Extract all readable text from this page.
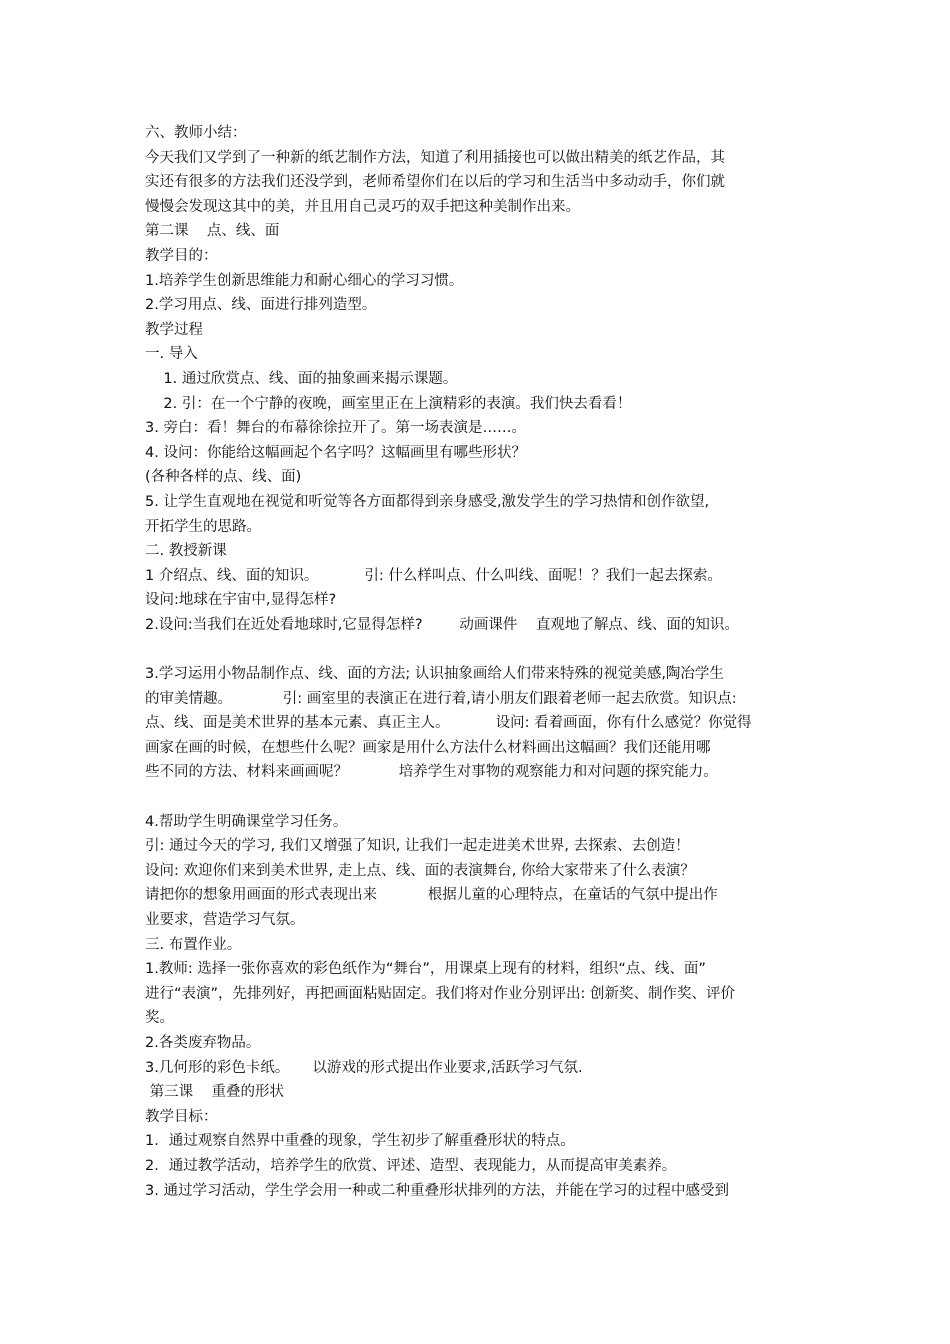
六、教师小结：
今天我们又学到了一种新的纸艺制作方法，知道了利用插接也可以做出精美的纸艺作品，其
实还有很多的方法我们还没学到，老师希望你们在以后的学习和生活当中多动动手，你们就
慢慢会发现这其中的美，并且用自己灵巧的双手把这种美制作出来。
第二课    点、线、面
教学目的：
1.培养学生创新思维能力和耐心细心的学习习惯。
2.学习用点、线、面进行排列造型。
教学过程
一. 导入
1. 通过欣赏点、线、面的抽象画来揭示课题。
2. 引：在一个宁静的夜晚，画室里正在上演精彩的表演。我们快去看看！
3. 旁白：看！舞台的布幕徐徐拉开了。第一场表演是……。
4. 设问：你能给这幅画起个名字吗？这幅画里有哪些形状？
(各种各样的点、线、面)
5. 让学生直观地在视觉和听觉等各方面都得到亲身感受,激发学生的学习热情和创作欲望,
开拓学生的思路。
二. 教授新课
1 介绍点、线、面的知识。          引: 什么样叫点、什么叫线、面呢！？我们一起去探索。
设问:地球在宇宙中,显得怎样?
2.设问:当我们在近处看地球时,它显得怎样?        动画课件    直观地了解点、线、面的知识。
3.学习运用小物品制作点、线、面的方法; 认识抽象画给人们带来特殊的视觉美感,陶冶学生
的审美情趣。           引: 画室里的表演正在进行着,请小朋友们跟着老师一起去欣赏。知识点:
点、线、面是美术世界的基本元素、真正主人。          设问: 看着画面，你有什么感觉？你觉得
画家在画的时候，在想些什么呢？画家是用什么方法什么材料画出这幅画？我们还能用哪
些不同的方法、材料来画画呢？           培养学生对事物的观察能力和对问题的探究能力。
4.帮助学生明确课堂学习任务。
引: 通过今天的学习, 我们又增强了知识, 让我们一起走进美术世界, 去探索、去创造！
设问: 欢迎你们来到美术世界, 走上点、线、面的表演舞台, 你给大家带来了什么表演？
请把你的想象用画面的形式表现出来           根据儿童的心理特点，在童话的气氛中提出作
业要求，营造学习气氛。
三. 布置作业。
1.教师: 选择一张你喜欢的彩色纸作为“舞台”，用课桌上现有的材料，组织“点、线、面”
进行“表演”，先排列好，再把画面粘贴固定。我们将对作业分别评出: 创新奖、制作奖、评价
奖。
2.各类废弃物品。
3.几何形的彩色卡纸。     以游戏的形式提出作业要求,活跃学习气氛.
第三课    重叠的形状
教学目标：
1．通过观察自然界中重叠的现象，学生初步了解重叠形状的特点。
2．通过教学活动，培养学生的欣赏、评述、造型、表现能力，从而提高审美素养。
3. 通过学习活动，学生学会用一种或二种重叠形状排列的方法，并能在学习的过程中感受到
